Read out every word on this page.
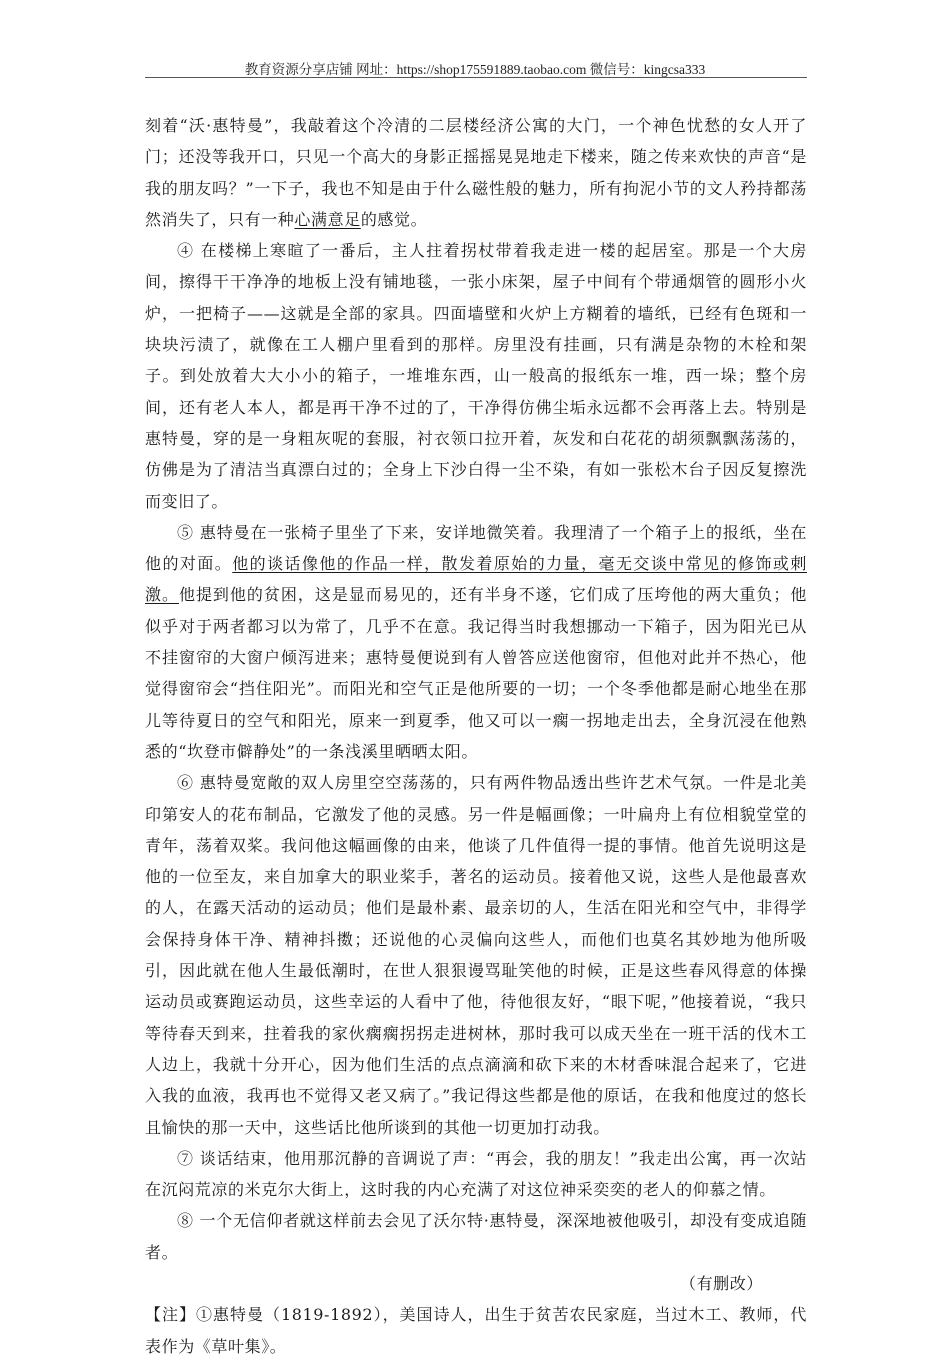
教育资源分享店铺 网址：https://shop175591889.taobao.com 微信号：kingcsa333

刻着“沃·惠特曼”，我敲着这个冷清的二层楼经济公寓的大门，一个神色忧愁的女人开了门；还没等我开口，只见一个高大的身影正摇摇晃晃地走下楼来，随之传来欢快的声音“是我的朋友吗？”一下子，我也不知是由于什么磁性般的魅力，所有拘泥小节的文人矜持都荡然消失了，只有一种心满意足的感觉。

④ 在楼梯上寒暄了一番后，主人拄着拐杖带着我走进一楼的起居室。那是一个大房间，擦得干干净净的地板上没有铺地毯，一张小床架，屋子中间有个带通烟管的圆形小火炉，一把椅子——这就是全部的家具。四面墙壁和火炉上方糊着的墙纸，已经有色斑和一块块污渍了，就像在工人棚户里看到的那样。房里没有挂画，只有满是杂物的木栓和架子。到处放着大大小小的箱子，一堆堆东西，山一般高的报纸东一堆，西一垛；整个房间，还有老人本人，都是再干净不过的了，干净得仿佛尘垢永远都不会再落上去。特别是惠特曼，穿的是一身粗灰呢的套服，衬衣领口拉开着，灰发和白花花的胡须飘飘荡荡的，仿佛是为了清洁当真漂白过的；全身上下沙白得一尘不染，有如一张松木台子因反复擦洗而变旧了。

⑤ 惠特曼在一张椅子里坐了下来，安详地微笑着。我理清了一个箱子上的报纸，坐在他的对面。他的谈话像他的作品一样，散发着原始的力量，毫无交谈中常见的修饰或刺激。他提到他的贫困，这是显而易见的，还有半身不遂，它们成了压垮他的两大重负；他似乎对于两者都习以为常了，几乎不在意。我记得当时我想挪动一下箱子，因为阳光已从不挂窗帘的大窗户倾泻进来；惠特曼便说到有人曾答应送他窗帘，但他对此并不热心，他觉得窗帘会“挡住阳光”。而阳光和空气正是他所要的一切；一个冬季他都是耐心地坐在那儿等待夏日的空气和阳光，原来一到夏季，他又可以一瘸一拐地走出去，全身沉浸在他熟悉的“坎登市僻静处”的一条浅溪里晒晒太阳。

⑥ 惠特曼宽敞的双人房里空空荡荡的，只有两件物品透出些许艺术气氛。一件是北美印第安人的花布制品，它激发了他的灵感。另一件是幅画像；一叶扁舟上有位相貌堂堂的青年，荡着双桨。我问他这幅画像的由来，他谈了几件值得一提的事情。他首先说明这是他的一位至友，来自加拿大的职业桨手，著名的运动员。接着他又说，这些人是他最喜欢的人，在露天活动的运动员；他们是最朴素、最亲切的人，生活在阳光和空气中，非得学会保持身体干净、精神抖擞；还说他的心灵偏向这些人，而他们也莫名其妙地为他所吸引，因此就在他人生最低潮时，在世人狠狠谩骂耻笑他的时候，正是这些春风得意的体操运动员或赛跑运动员，这些幸运的人看中了他，待他很友好，“眼下呢，”他接着说，“我只等待春天到来，拄着我的家伙瘸瘸拐拐走进树林，那时我可以成天坐在一班干活的伐木工人边上，我就十分开心，因为他们生活的点点滴滴和砍下来的木材香味混合起来了，它进入我的血液，我再也不觉得又老又病了。”我记得这些都是他的原话，在我和他度过的悠长且愉快的那一天中，这些话比他所谈到的其他一切更加打动我。

⑦ 谈话结束，他用那沉静的音调说了声：“再会，我的朋友！”我走出公寓，再一次站在沉闷荒凉的米克尔大街上，这时我的内心充满了对这位神采奕奕的老人的仰慕之情。

⑧ 一个无信仰者就这样前去会见了沃尔特·惠特曼，深深地被他吸引，却没有变成追随者。

（有删改）

【注】①惠特曼（1819-1892），美国诗人，出生于贫苦农民家庭，当过木工、教师，代表作为《草叶集》。
